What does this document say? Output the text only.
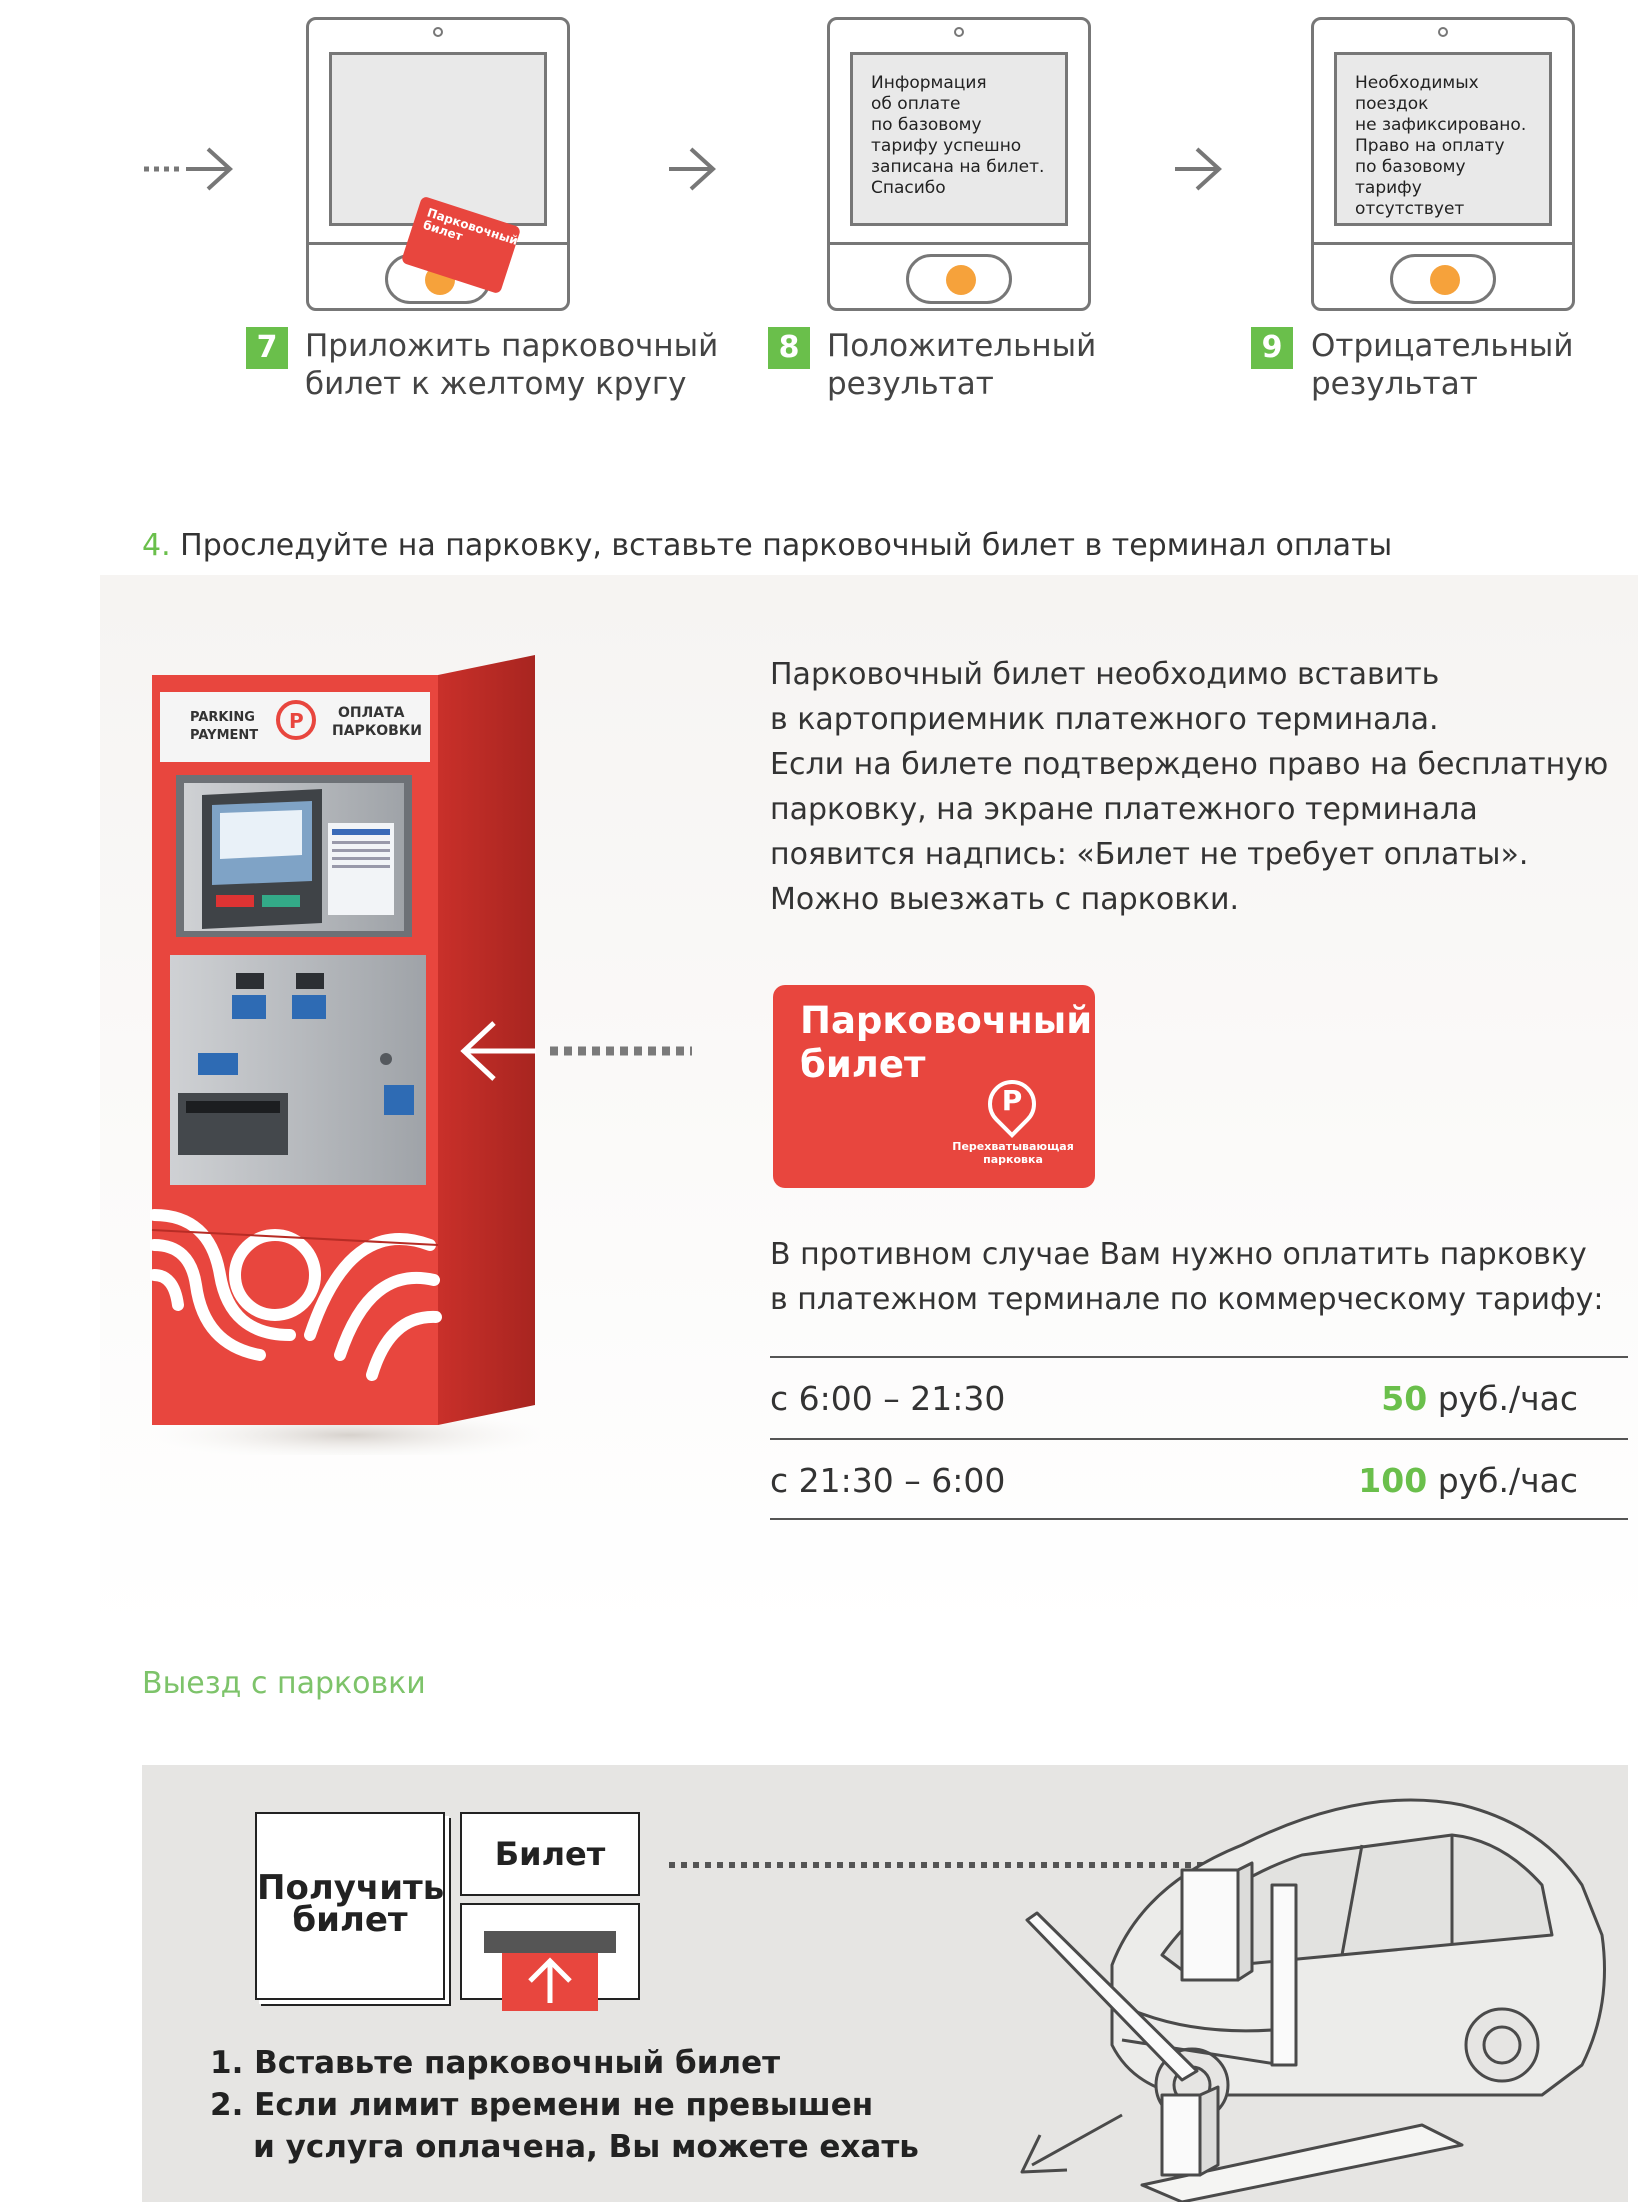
Парковочный билет
Информация
об оплате
по базовому
тарифу успешно
записана на билет.
Спасибо
Необходимых
поездок
не зафиксировано.
Право на оплату
по базовому тарифу
отсутствует
7 Приложить парковочный
билет к желтому кругу
8 Положительный
результат
9 Отрицательный
результат
4. Проследуйте на парковку, вставьте парковочный билет в терминал оплаты
PARKING
PAYMENT
ОПЛАТА
ПАРКОВКИ
P
Парковочный билет необходимо вставить
в картоприемник платежного терминала.
Если на билете подтверждено право на бесплатную
парковку, на экране платежного терминала
появится надпись: «Билет не требует оплаты».
Можно выезжать с парковки.
Парковочный
билет
P
Перехватывающая
парковка
В противном случае Вам нужно оплатить парковку
в платежном терминале по коммерческому тарифу:
с 6:00 – 21:30	50 руб./час
с 21:30 – 6:00	100 руб./час
Выезд с парковки
Получить
билет
Билет
1. Вставьте парковочный билет
2. Если лимит времени не превышен
и услуга оплачена, Вы можете ехать
